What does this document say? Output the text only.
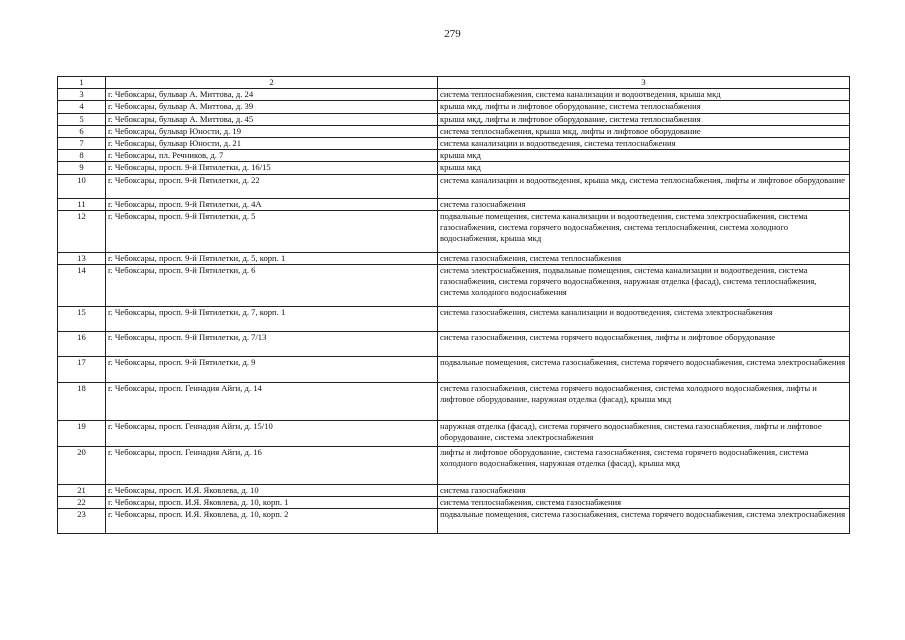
279
1	2	3
3	г. Чебоксары, бульвар А. Миттова, д. 24	система теплоснабжения, система канализации и водоотведения, крыша мкд
4	г. Чебоксары, бульвар А. Миттова, д. 39	крыша мкд, лифты и лифтовое оборудование, система теплоснабжения
5	г. Чебоксары, бульвар А. Миттова, д. 45	крыша мкд, лифты и лифтовое оборудование, система теплоснабжения
6	г. Чебоксары, бульвар Юности, д. 19	система теплоснабжения, крыша мкд, лифты и лифтовое оборудование
7	г. Чебоксары, бульвар Юности, д. 21	система канализации и водоотведения, система теплоснабжения
8	г. Чебоксары, пл. Речников, д. 7	крыша мкд
9	г. Чебоксары, просп. 9-й Пятилетки, д. 16/15	крыша мкд
10	г. Чебоксары, просп. 9-й Пятилетки, д. 22	система канализации и водоотведения, крыша мкд, система теплоснабжения, лифты и лифтовое оборудование
11	г. Чебоксары, просп. 9-й Пятилетки, д. 4А	система газоснабжения
12	г. Чебоксары, просп. 9-й Пятилетки, д. 5	подвальные помещения, система канализации и водоотведения, система электроснабжения, система газоснабжения, система горячего водоснабжения, система теплоснабжения, система холодного водоснабжения, крыша мкд
13	г. Чебоксары, просп. 9-й Пятилетки, д. 5, корп. 1	система газоснабжения, система теплоснабжения
14	г. Чебоксары, просп. 9-й Пятилетки, д. 6	система электроснабжения, подвальные помещения, система канализации и водоотведения, система газоснабжения, система горячего водоснабжения, наружная отделка (фасад), система теплоснабжения, система холодного водоснабжения
15	г. Чебоксары, просп. 9-й Пятилетки, д. 7, корп. 1	система газоснабжения, система канализации и водоотведения, система электроснабжения
16	г. Чебоксары, просп. 9-й Пятилетки, д. 7/13	система газоснабжения, система горячего водоснабжения, лифты и лифтовое оборудование
17	г. Чебоксары, просп. 9-й Пятилетки, д. 9	подвальные помещения, система газоснабжения, система горячего водоснабжения, система электроснабжения
18	г. Чебоксары, просп. Геннадия Айги, д. 14	система газоснабжения, система горячего водоснабжения, система холодного водоснабжения, лифты и лифтовое оборудование, наружная отделка (фасад), крыша мкд
19	г. Чебоксары, просп. Геннадия Айги, д. 15/10	наружная отделка (фасад), система горячего водоснабжения, система газоснабжения, лифты и лифтовое оборудование, система электроснабжения
20	г. Чебоксары, просп. Геннадия Айги, д. 16	лифты и лифтовое оборудование, система газоснабжения, система горячего водоснабжения, система холодного водоснабжения, наружная отделка (фасад), крыша мкд
21	г. Чебоксары, просп. И.Я. Яковлева, д. 10	система газоснабжения
22	г. Чебоксары, просп. И.Я. Яковлева, д. 10, корп. 1	система теплоснабжения, система газоснабжения
23	г. Чебоксары, просп. И.Я. Яковлева, д. 10, корп. 2	подвальные помещения, система газоснабжения, система горячего водоснабжения, система электроснабжения
